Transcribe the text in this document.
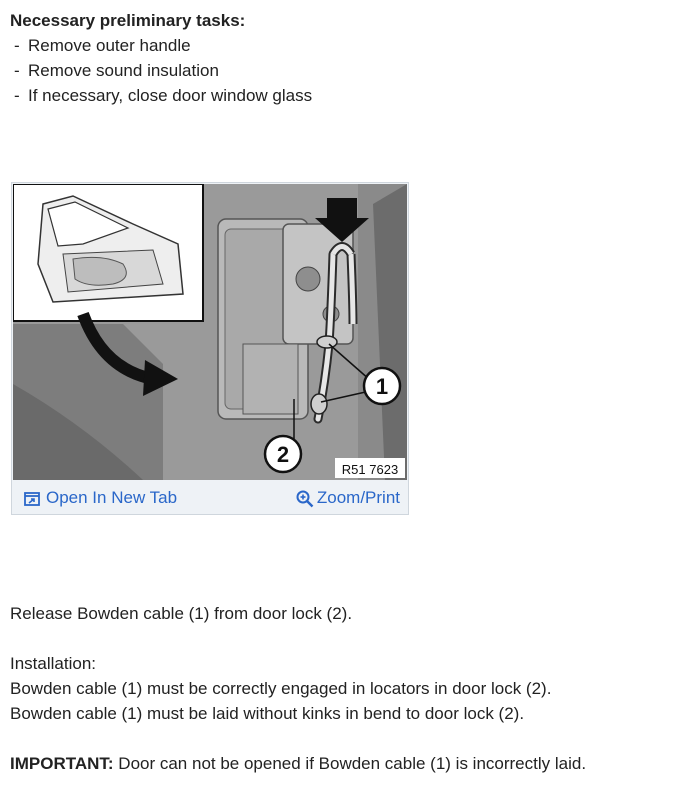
Necessary preliminary tasks:
- Remove outer handle
- Remove sound insulation
- If necessary, close door window glass
1
2
R51 7623
Open In New Tab	Zoom/Print

Release Bowden cable (1) from door lock (2).

Installation:

Bowden cable (1) must be correctly engaged in locators in door lock (2).

Bowden cable (1) must be laid without kinks in bend to door lock (2).

IMPORTANT: Door can not be opened if Bowden cable (1) is incorrectly laid.
